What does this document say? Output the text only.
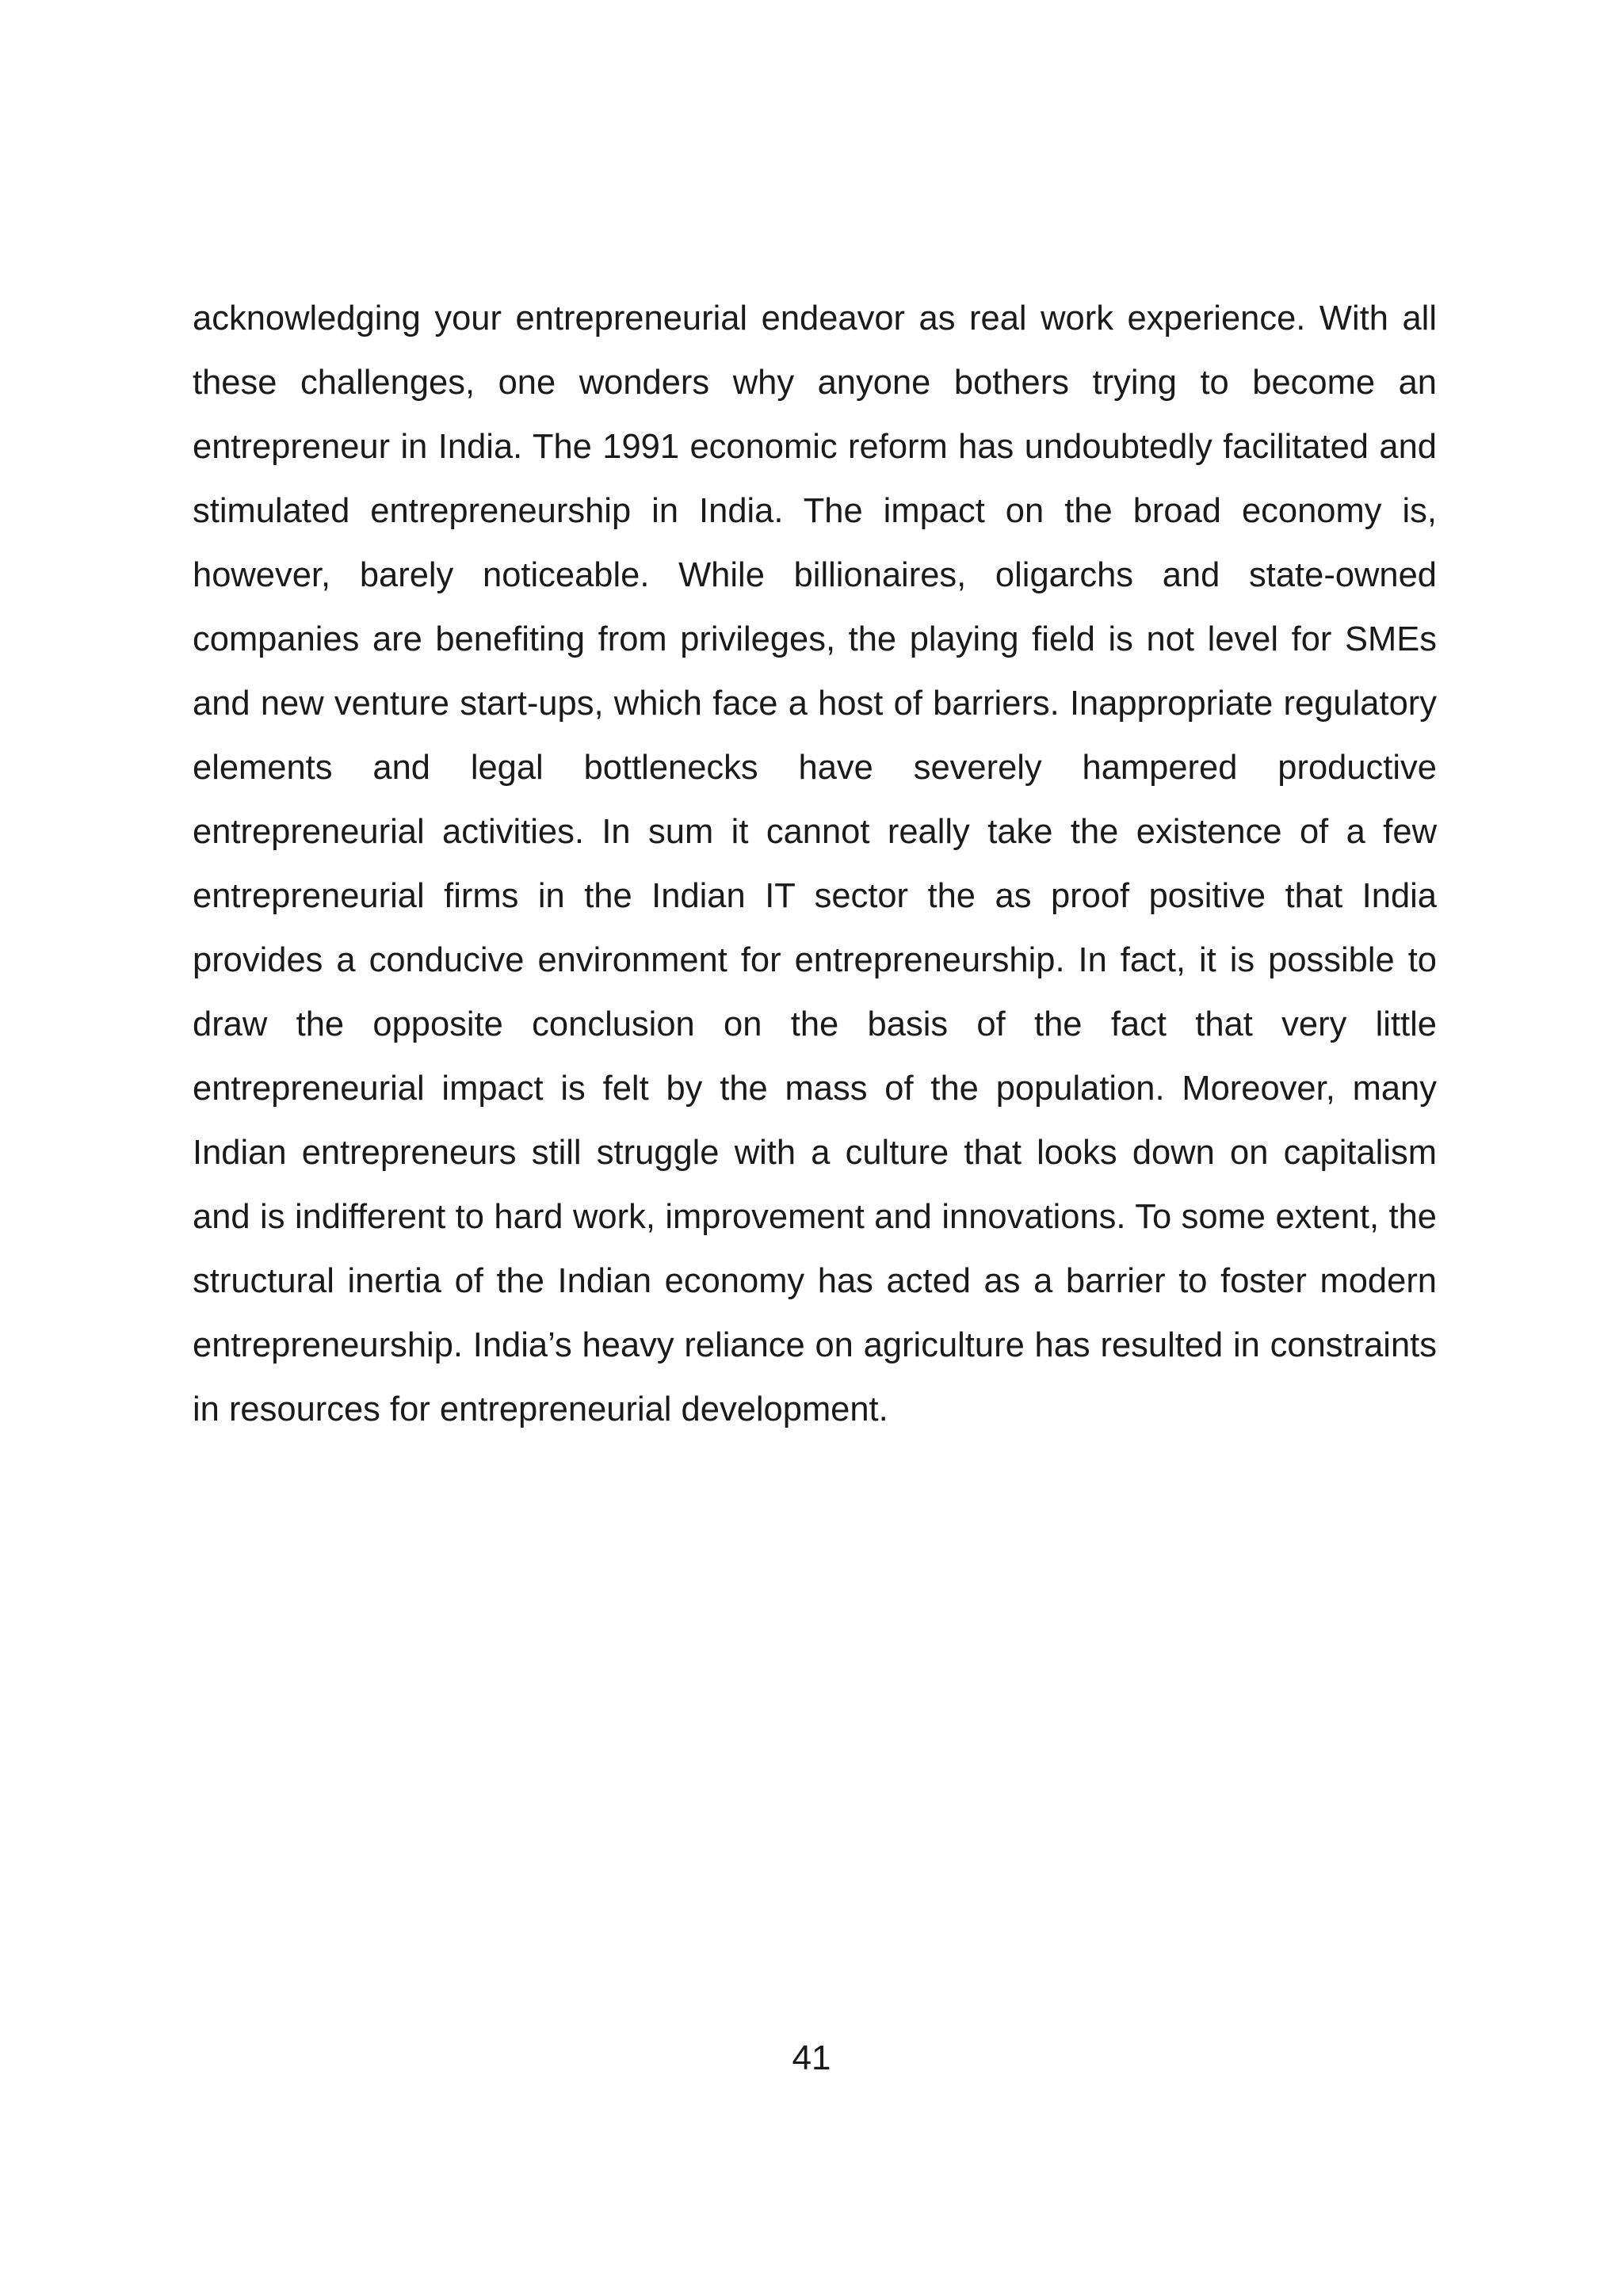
acknowledging your entrepreneurial endeavor as real work experience. With all these challenges, one wonders why anyone bothers trying to become an entrepreneur in India. The 1991 economic reform has undoubtedly facilitated and stimulated entrepreneurship in India. The impact on the broad economy is, however, barely noticeable. While billionaires, oligarchs and state-owned companies are benefiting from privileges, the playing field is not level for SMEs and new venture start-ups, which face a host of barriers. Inappropriate regulatory elements and legal bottlenecks have severely hampered productive entrepreneurial activities. In sum it cannot really take the existence of a few entrepreneurial firms in the Indian IT sector the as proof positive that India provides a conducive environment for entrepreneurship. In fact, it is possible to draw the opposite conclusion on the basis of the fact that very little entrepreneurial impact is felt by the mass of the population. Moreover, many Indian entrepreneurs still struggle with a culture that looks down on capitalism and is indifferent to hard work, improvement and innovations. To some extent, the structural inertia of the Indian economy has acted as a barrier to foster modern entrepreneurship. India’s heavy reliance on agriculture has resulted in constraints in resources for entrepreneurial development.

41
